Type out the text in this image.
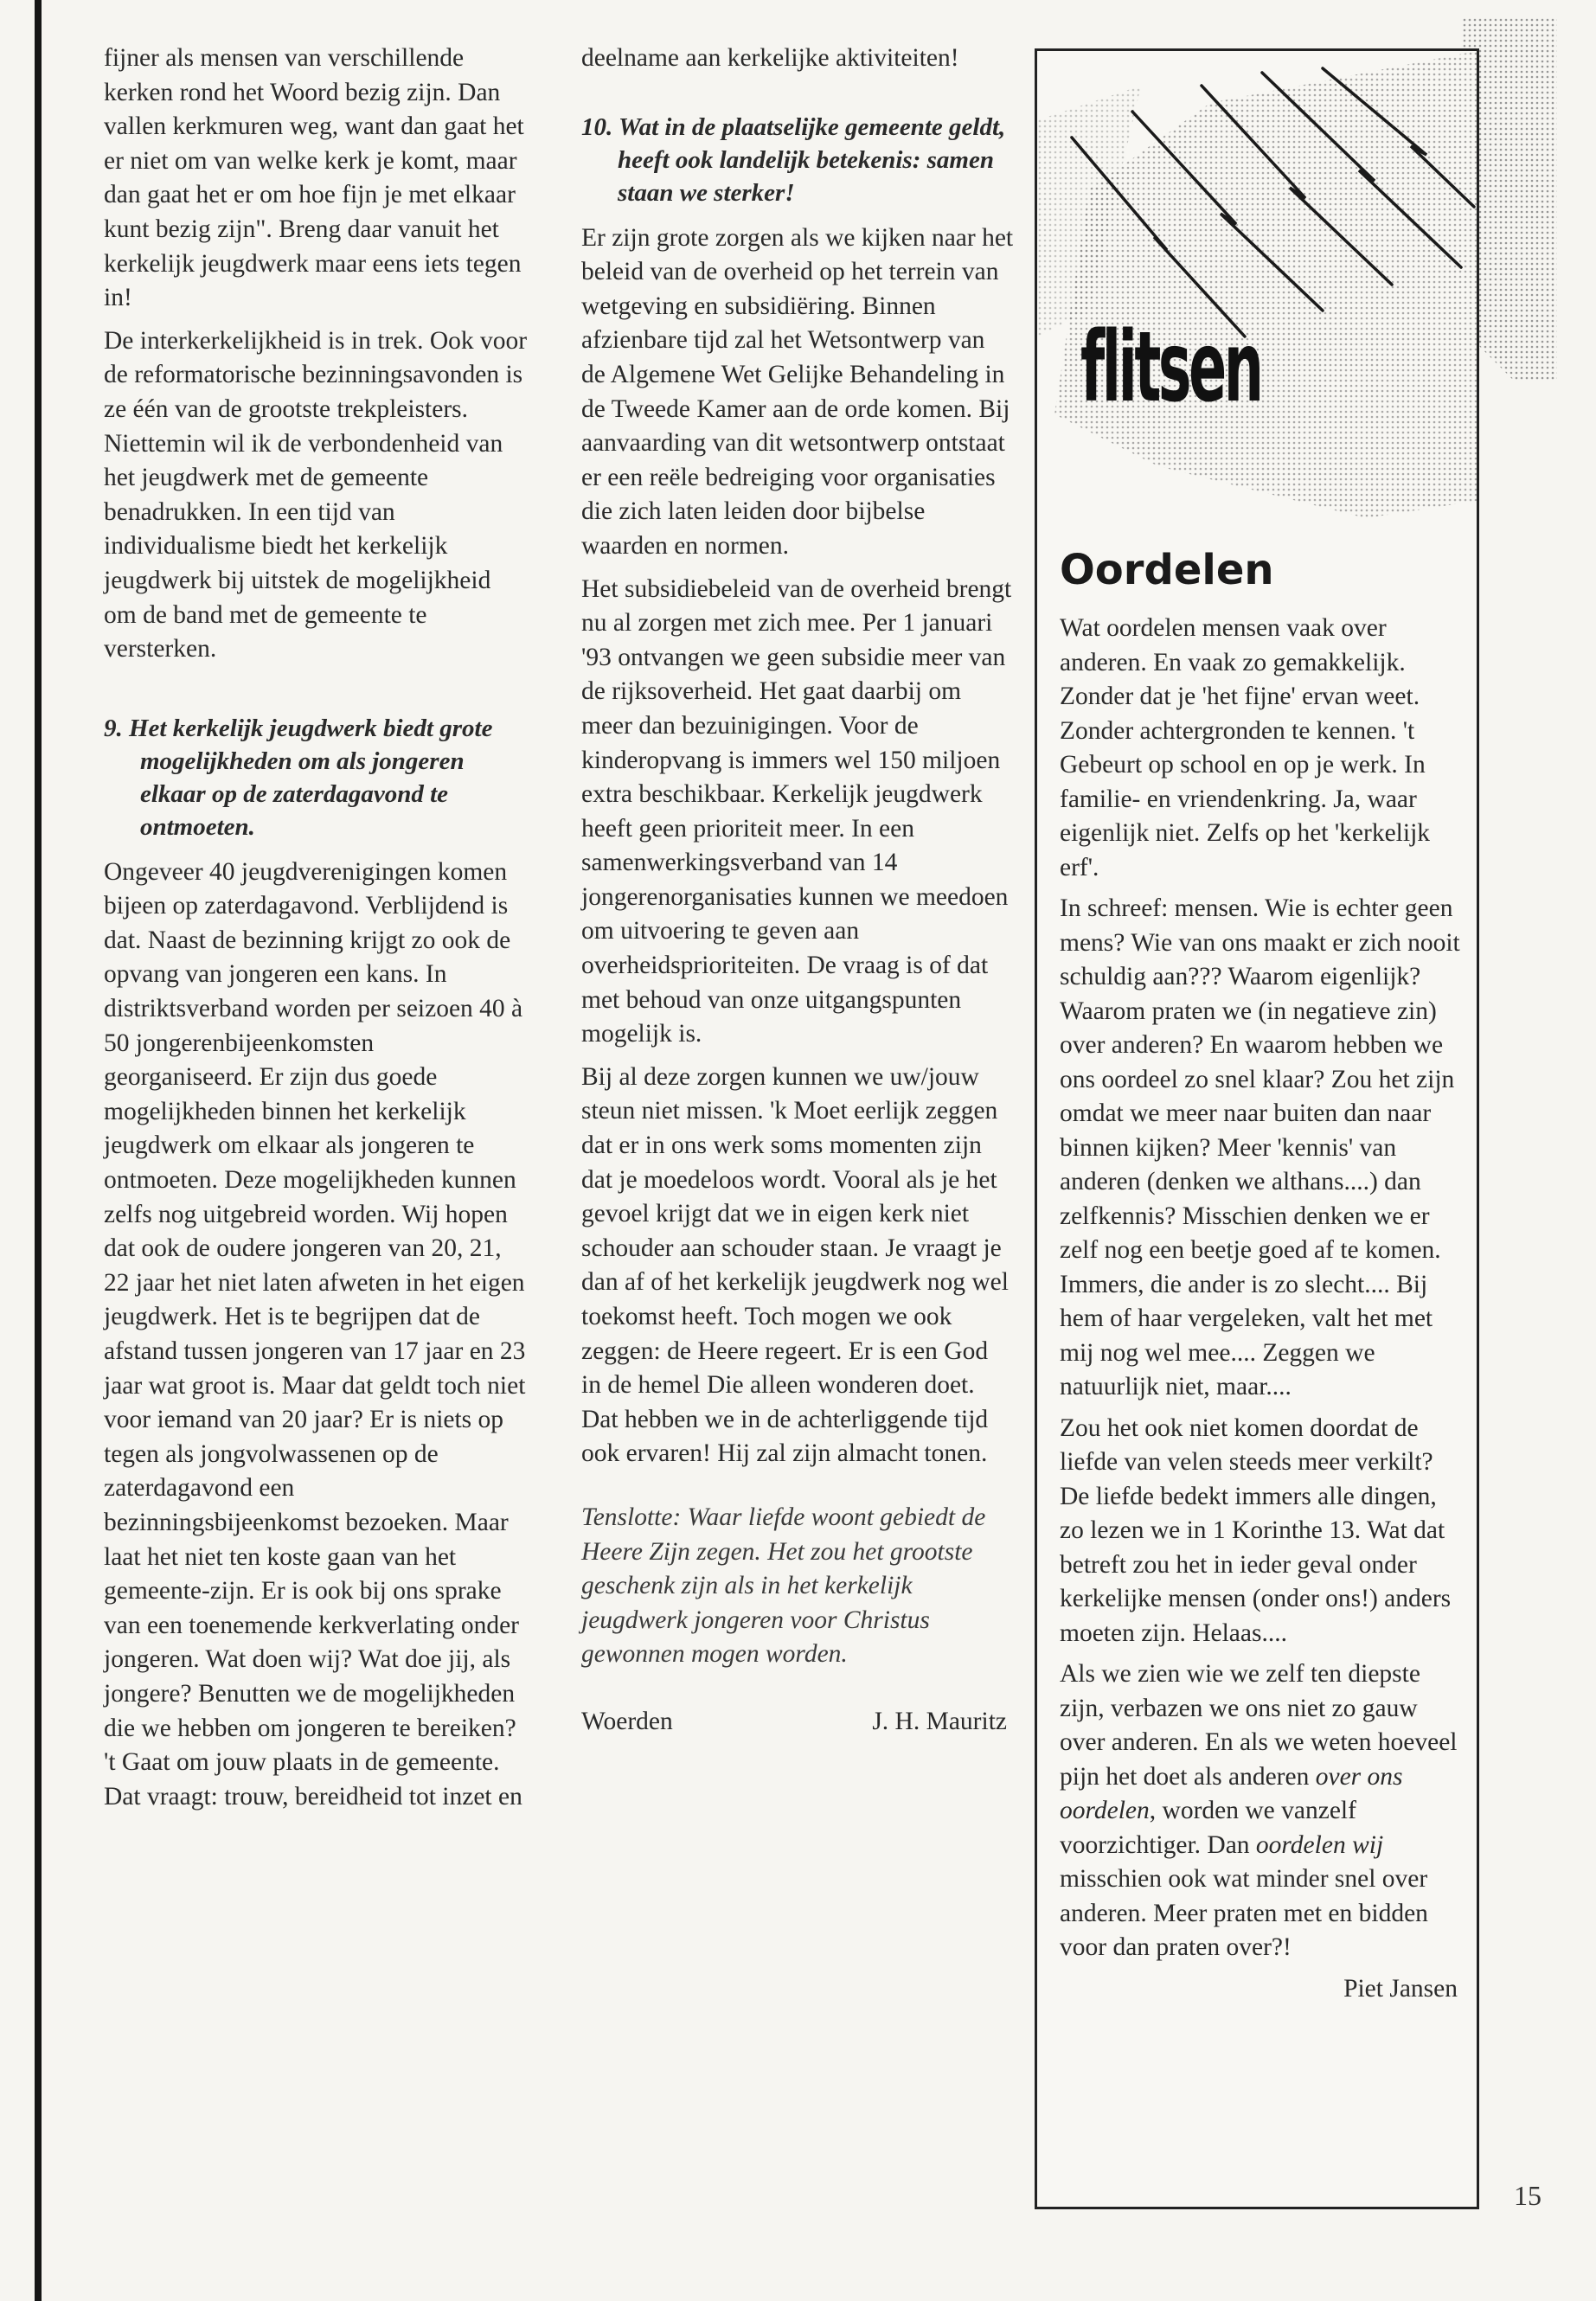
fijner als mensen van verschillende kerken rond het Woord bezig zijn. Dan vallen kerkmuren weg, want dan gaat het er niet om van welke kerk je komt, maar dan gaat het er om hoe fijn je met elkaar kunt bezig zijn". Breng daar vanuit het kerkelijk jeugdwerk maar eens iets tegen in!

De interkerkelijkheid is in trek. Ook voor de reformatorische bezinningsavonden is ze één van de grootste trekpleisters. Niettemin wil ik de verbondenheid van het jeugdwerk met de gemeente benadrukken. In een tijd van individualisme biedt het kerkelijk jeugdwerk bij uitstek de mogelijkheid om de band met de gemeente te versterken.

9. Het kerkelijk jeugdwerk biedt grote mogelijkheden om als jongeren elkaar op de zaterdagavond te ontmoeten.

Ongeveer 40 jeugdverenigingen komen bijeen op zaterdagavond. Verblijdend is dat. Naast de bezinning krijgt zo ook de opvang van jongeren een kans. In distriktsverband worden per seizoen 40 à 50 jongerenbijeenkomsten georganiseerd. Er zijn dus goede mogelijkheden binnen het kerkelijk jeugdwerk om elkaar als jongeren te ontmoeten. Deze mogelijkheden kunnen zelfs nog uitgebreid worden. Wij hopen dat ook de oudere jongeren van 20, 21, 22 jaar het niet laten afweten in het eigen jeugdwerk. Het is te begrijpen dat de afstand tussen jongeren van 17 jaar en 23 jaar wat groot is. Maar dat geldt toch niet voor iemand van 20 jaar? Er is niets op tegen als jongvolwassenen op de zaterdagavond een bezinningsbijeenkomst bezoeken. Maar laat het niet ten koste gaan van het gemeente-zijn. Er is ook bij ons sprake van een toenemende kerkverlating onder jongeren. Wat doen wij? Wat doe jij, als jongere? Benutten we de mogelijkheden die we hebben om jongeren te bereiken? 't Gaat om jouw plaats in de gemeente. Dat vraagt: trouw, bereidheid tot inzet en

deelname aan kerkelijke aktiviteiten!

10. Wat in de plaatselijke gemeente geldt, heeft ook landelijk betekenis: samen staan we sterker!

Er zijn grote zorgen als we kijken naar het beleid van de overheid op het terrein van wetgeving en subsidiëring. Binnen afzienbare tijd zal het Wetsontwerp van de Algemene Wet Gelijke Behandeling in de Tweede Kamer aan de orde komen. Bij aanvaarding van dit wetsontwerp ontstaat er een reële bedreiging voor organisaties die zich laten leiden door bijbelse waarden en normen.

Het subsidiebeleid van de overheid brengt nu al zorgen met zich mee. Per 1 januari '93 ontvangen we geen subsidie meer van de rijksoverheid. Het gaat daarbij om meer dan bezuinigingen. Voor de kinderopvang is immers wel 150 miljoen extra beschikbaar. Kerkelijk jeugdwerk heeft geen prioriteit meer. In een samenwerkingsverband van 14 jongerenorganisaties kunnen we meedoen om uitvoering te geven aan overheidsprioriteiten. De vraag is of dat met behoud van onze uitgangspunten mogelijk is.

Bij al deze zorgen kunnen we uw/jouw steun niet missen. 'k Moet eerlijk zeggen dat er in ons werk soms momenten zijn dat je moedeloos wordt. Vooral als je het gevoel krijgt dat we in eigen kerk niet schouder aan schouder staan. Je vraagt je dan af of het kerkelijk jeugdwerk nog wel toekomst heeft. Toch mogen we ook zeggen: de Heere regeert. Er is een God in de hemel Die alleen wonderen doet. Dat hebben we in de achterliggende tijd ook ervaren! Hij zal zijn almacht tonen.

Tenslotte: Waar liefde woont gebiedt de Heere Zijn zegen. Het zou het grootste geschenk zijn als in het kerkelijk jeugdwerk jongeren voor Christus gewonnen mogen worden.

Woerden	J. H. Mauritz
flitsen
Oordelen

Wat oordelen mensen vaak over anderen. En vaak zo gemakkelijk. Zonder dat je 'het fijne' ervan weet. Zonder achtergronden te kennen. 't Gebeurt op school en op je werk. In familie- en vriendenkring. Ja, waar eigenlijk niet. Zelfs op het 'kerkelijk erf'.

In schreef: mensen. Wie is echter geen mens? Wie van ons maakt er zich nooit schuldig aan??? Waarom eigenlijk? Waarom praten we (in negatieve zin) over anderen? En waarom hebben we ons oordeel zo snel klaar? Zou het zijn omdat we meer naar buiten dan naar binnen kijken? Meer 'kennis' van anderen (denken we althans....) dan zelfkennis? Misschien denken we er zelf nog een beetje goed af te komen. Immers, die ander is zo slecht.... Bij hem of haar vergeleken, valt het met mij nog wel mee.... Zeggen we natuurlijk niet, maar....

Zou het ook niet komen doordat de liefde van velen steeds meer verkilt? De liefde bedekt immers alle dingen, zo lezen we in 1 Korinthe 13. Wat dat betreft zou het in ieder geval onder kerkelijke mensen (onder ons!) anders moeten zijn. Helaas....

Als we zien wie we zelf ten diepste zijn, verbazen we ons niet zo gauw over anderen. En als we weten hoeveel pijn het doet als anderen over ons oordelen, worden we vanzelf voorzichtiger. Dan oordelen wij misschien ook wat minder snel over anderen. Meer praten met en bidden voor dan praten over?!

Piet Jansen

15
